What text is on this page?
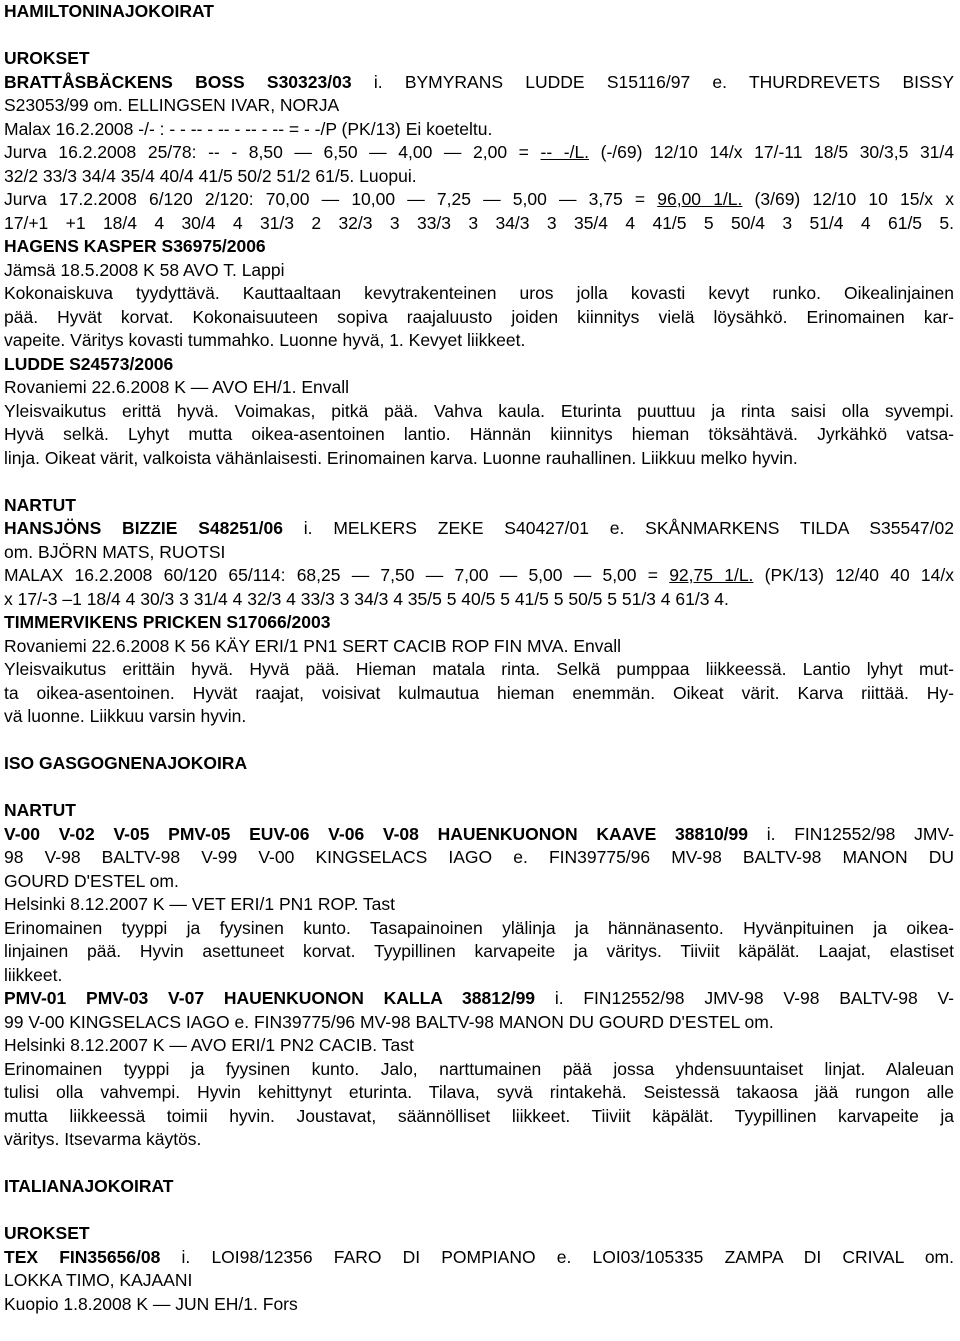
HAMILTONINAJOKOIRAT
UROKSET
BRATTÅSBÄCKENS BOSS S30323/03 i. BYMYRANS LUDDE S15116/97 e. THURDREVETS BISSY
S23053/99 om. ELLINGSEN IVAR, NORJA
Malax 16.2.2008 -/- : - - -- - -- - -- - -- = - -/P (PK/13) Ei koeteltu.
Jurva 16.2.2008 25/78: -- - 8,50 — 6,50 — 4,00 — 2,00 = -- -/L. (-/69) 12/10 14/x 17/-11 18/5 30/3,5 31/4
32/2 33/3 34/4 35/4 40/4 41/5 50/2 51/2 61/5. Luopui.
Jurva 17.2.2008 6/120 2/120: 70,00 — 10,00 — 7,25 — 5,00 — 3,75 = 96,00 1/L. (3/69) 12/10 10 15/x x
17/+1 +1 18/4 4 30/4 4 31/3 2 32/3 3 33/3 3 34/3 3 35/4 4 41/5 5 50/4 3 51/4 4 61/5 5.
HAGENS KASPER S36975/2006
Jämsä 18.5.2008 K 58 AVO T. Lappi
Kokonaiskuva tyydyttävä. Kauttaaltaan kevytrakenteinen uros jolla kovasti kevyt runko. Oikealinjainen
pää. Hyvät korvat. Kokonaisuuteen sopiva raajaluusto joiden kiinnitys vielä löysähkö. Erinomainen kar-
vapeite. Väritys kovasti tummahko. Luonne hyvä, 1. Kevyet liikkeet.
LUDDE S24573/2006
Rovaniemi 22.6.2008 K — AVO EH/1. Envall
Yleisvaikutus erittä hyvä. Voimakas, pitkä pää. Vahva kaula. Eturinta puuttuu ja rinta saisi olla syvempi.
Hyvä selkä. Lyhyt mutta oikea-asentoinen lantio. Hännän kiinnitys hieman töksähtävä. Jyrkähkö vatsa-
linja. Oikeat värit, valkoista vähänlaisesti. Erinomainen karva. Luonne rauhallinen. Liikkuu melko hyvin.
NARTUT
HANSJÖNS BIZZIE S48251/06 i. MELKERS ZEKE S40427/01 e. SKÅNMARKENS TILDA S35547/02
om. BJÖRN MATS, RUOTSI
MALAX 16.2.2008 60/120 65/114: 68,25 — 7,50 — 7,00 — 5,00 — 5,00 = 92,75 1/L. (PK/13) 12/40 40 14/x
x 17/-3 –1 18/4 4 30/3 3 31/4 4 32/3 4 33/3 3 34/3 4 35/5 5 40/5 5 41/5 5 50/5 5 51/3 4 61/3 4.
TIMMERVIKENS PRICKEN S17066/2003
Rovaniemi 22.6.2008 K 56 KÄY ERI/1 PN1 SERT CACIB ROP FIN MVA. Envall
Yleisvaikutus erittäin hyvä. Hyvä pää. Hieman matala rinta. Selkä pumppaa liikkeessä. Lantio lyhyt mut-
ta oikea-asentoinen. Hyvät raajat, voisivat kulmautua hieman enemmän. Oikeat värit. Karva riittää. Hy-
vä luonne. Liikkuu varsin hyvin.
ISO GASGOGNENAJOKOIRA
NARTUT
V-00 V-02 V-05 PMV-05 EUV-06 V-06 V-08 HAUENKUONON KAAVE 38810/99 i. FIN12552/98 JMV-
98 V-98 BALTV-98 V-99 V-00 KINGSELACS IAGO e. FIN39775/96 MV-98 BALTV-98 MANON DU
GOURD D'ESTEL om.
Helsinki 8.12.2007 K — VET ERI/1 PN1 ROP. Tast
Erinomainen tyyppi ja fyysinen kunto. Tasapainoinen ylälinja ja hännänasento. Hyvänpituinen ja oikea-
linjainen pää. Hyvin asettuneet korvat. Tyypillinen karvapeite ja väritys. Tiiviit käpälät. Laajat, elastiset
liikkeet.
PMV-01 PMV-03 V-07 HAUENKUONON KALLA 38812/99 i. FIN12552/98 JMV-98 V-98 BALTV-98 V-
99 V-00 KINGSELACS IAGO e. FIN39775/96 MV-98 BALTV-98 MANON DU GOURD D'ESTEL om.
Helsinki 8.12.2007 K — AVO ERI/1 PN2 CACIB. Tast
Erinomainen tyyppi ja fyysinen kunto. Jalo, narttumainen pää jossa yhdensuuntaiset linjat. Alaleuan
tulisi olla vahvempi. Hyvin kehittynyt eturinta. Tilava, syvä rintakehä. Seistessä takaosa jää rungon alle
mutta liikkeessä toimii hyvin. Joustavat, säännölliset liikkeet. Tiiviit käpälät. Tyypillinen karvapeite ja
väritys. Itsevarma käytös.
ITALIANAJOKOIRAT
UROKSET
TEX FIN35656/08 i. LOI98/12356 FARO DI POMPIANO e. LOI03/105335 ZAMPA DI CRIVAL om.
LOKKA TIMO, KAJAANI
Kuopio 1.8.2008 K — JUN EH/1. Fors
